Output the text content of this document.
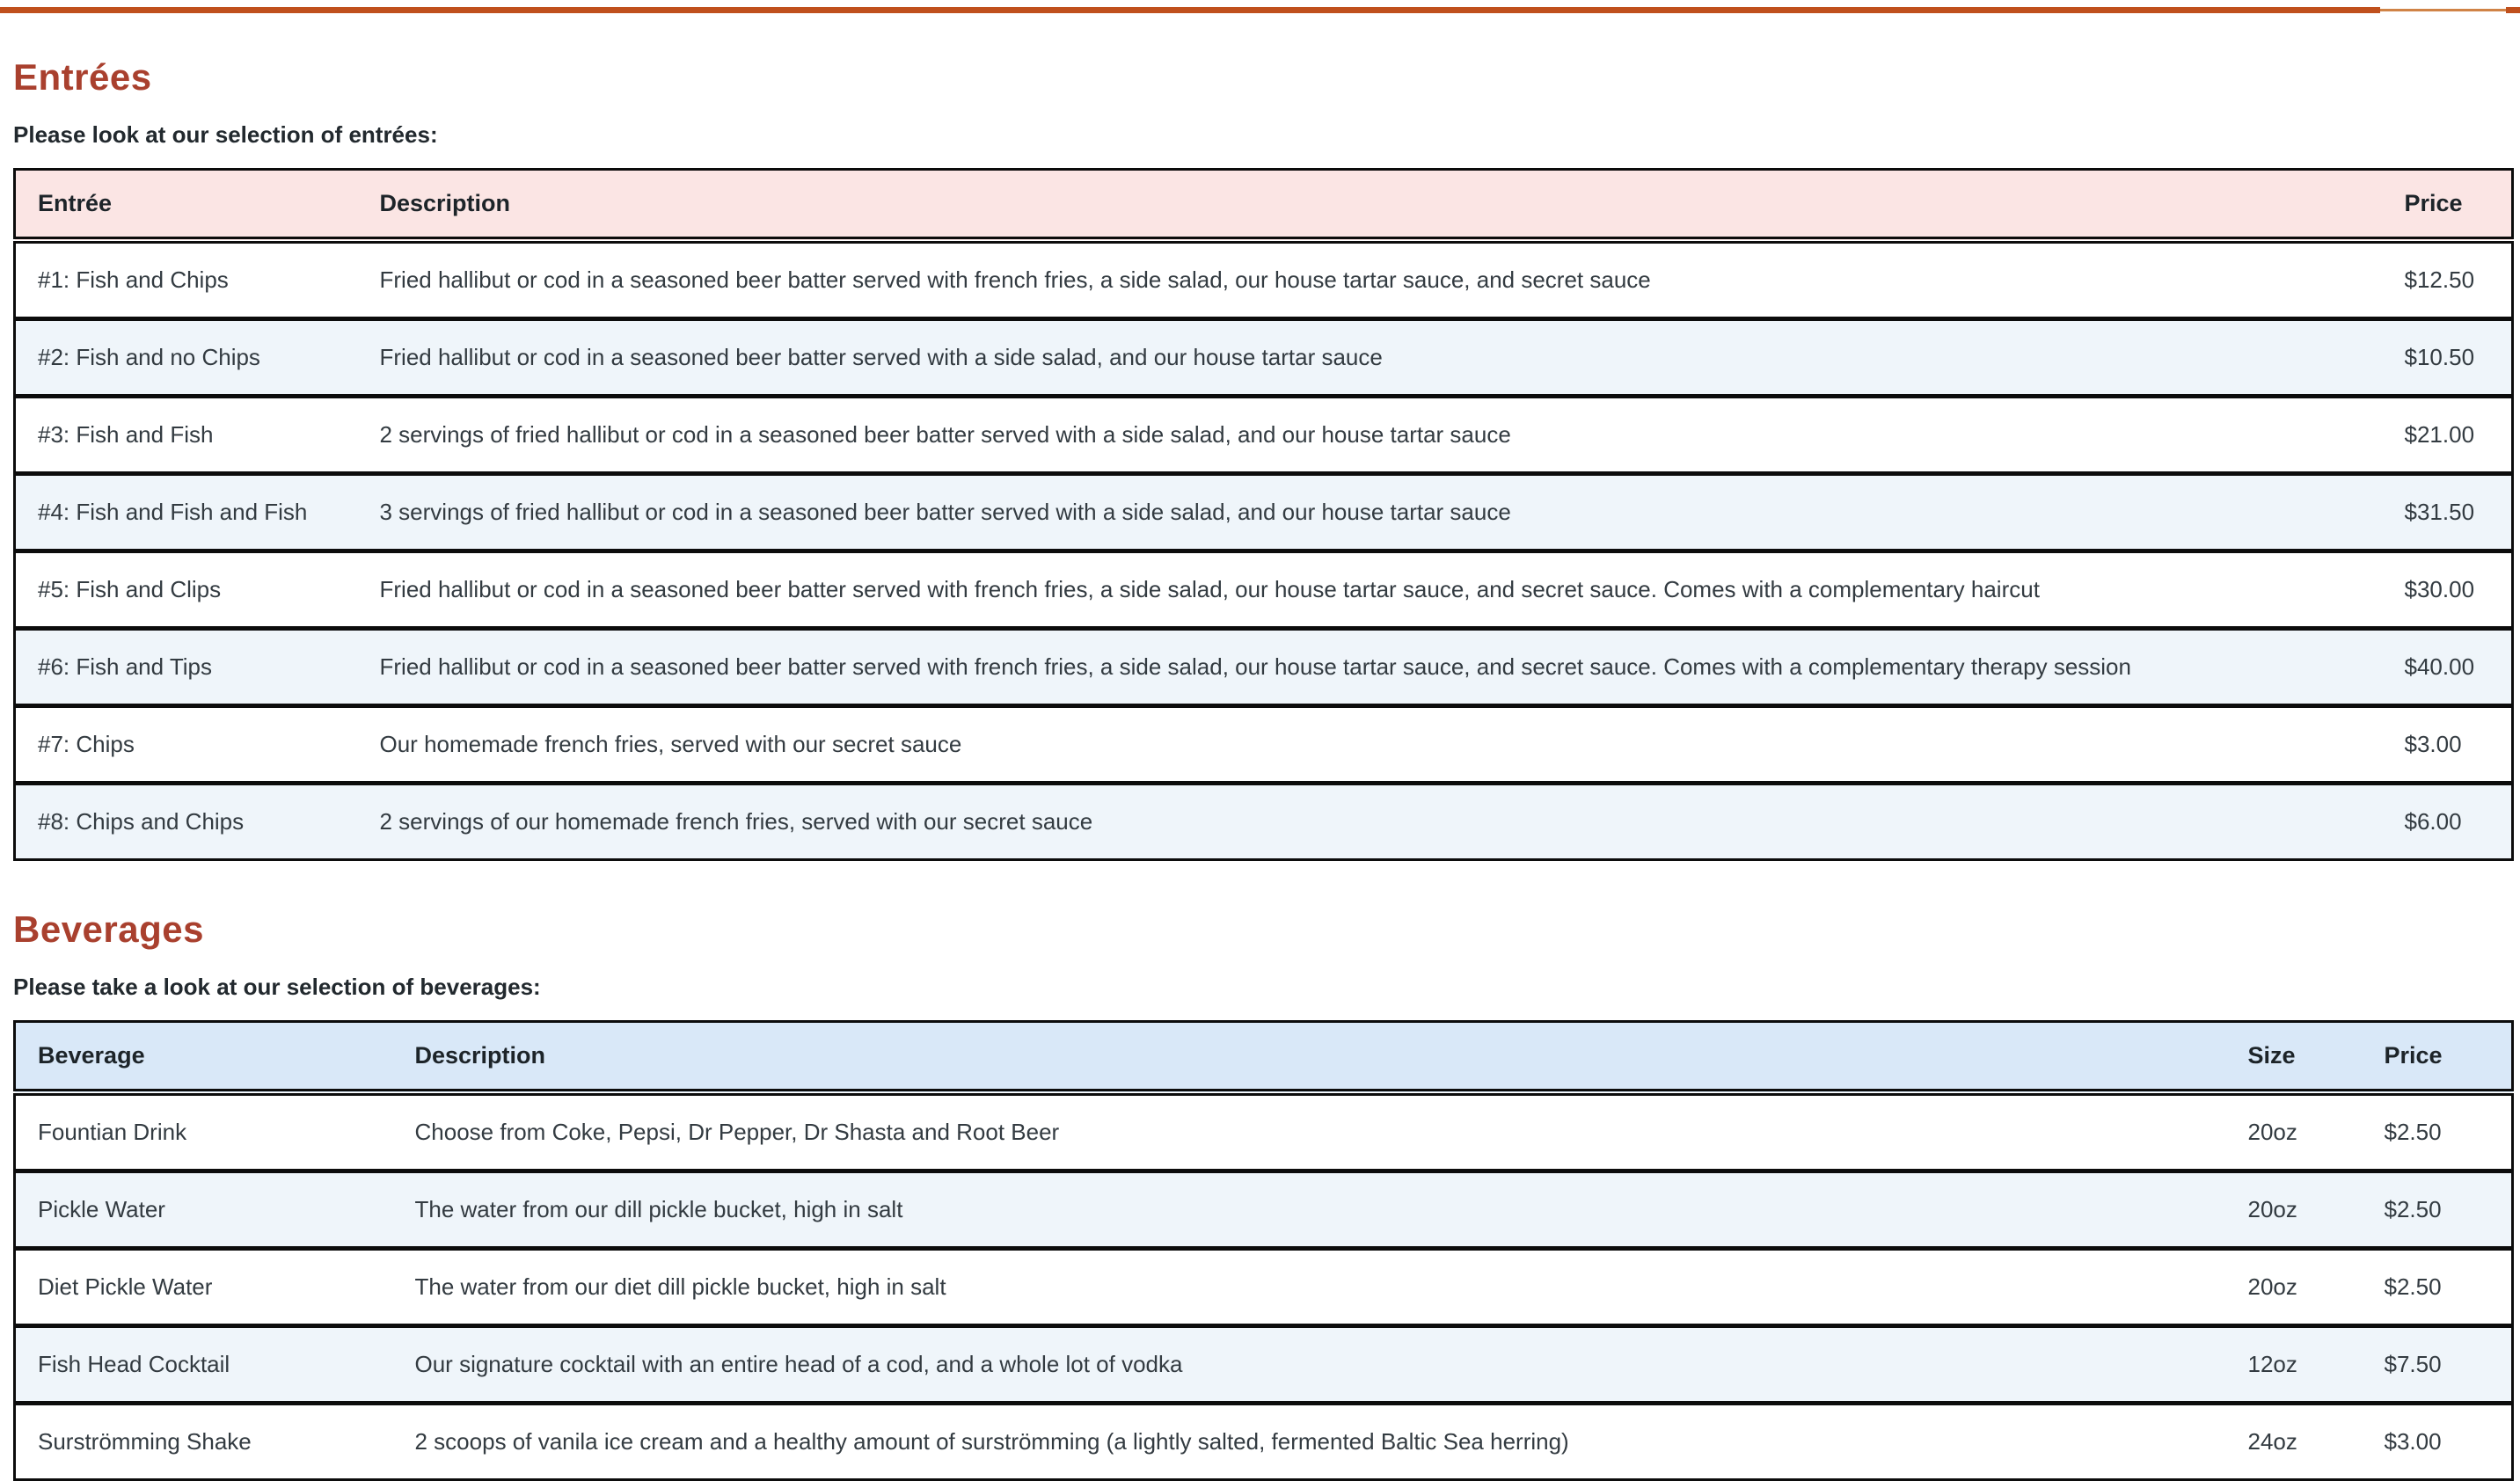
Entrées

Please look at our selection of entrées:

Entrée	Description	Price
#1: Fish and Chips	Fried hallibut or cod in a seasoned beer batter served with french fries, a side salad, our house tartar sauce, and secret sauce	$12.50
#2: Fish and no Chips	Fried hallibut or cod in a seasoned beer batter served with a side salad, and our house tartar sauce	$10.50
#3: Fish and Fish	2 servings of fried hallibut or cod in a seasoned beer batter served with a side salad, and our house tartar sauce	$21.00
#4: Fish and Fish and Fish	3 servings of fried hallibut or cod in a seasoned beer batter served with a side salad, and our house tartar sauce	$31.50
#5: Fish and Clips	Fried hallibut or cod in a seasoned beer batter served with french fries, a side salad, our house tartar sauce, and secret sauce. Comes with a complementary haircut	$30.00
#6: Fish and Tips	Fried hallibut or cod in a seasoned beer batter served with french fries, a side salad, our house tartar sauce, and secret sauce. Comes with a complementary therapy session	$40.00
#7: Chips	Our homemade french fries, served with our secret sauce	$3.00
#8: Chips and Chips	2 servings of our homemade french fries, served with our secret sauce	$6.00
Beverages

Please take a look at our selection of beverages:

Beverage	Description	Size	Price
Fountian Drink	Choose from Coke, Pepsi, Dr Pepper, Dr Shasta and Root Beer	20oz	$2.50
Pickle Water	The water from our dill pickle bucket, high in salt	20oz	$2.50
Diet Pickle Water	The water from our diet dill pickle bucket, high in salt	20oz	$2.50
Fish Head Cocktail	Our signature cocktail with an entire head of a cod, and a whole lot of vodka	12oz	$7.50
Surströmming Shake	2 scoops of vanila ice cream and a healthy amount of surströmming (a lightly salted, fermented Baltic Sea herring)	24oz	$3.00
